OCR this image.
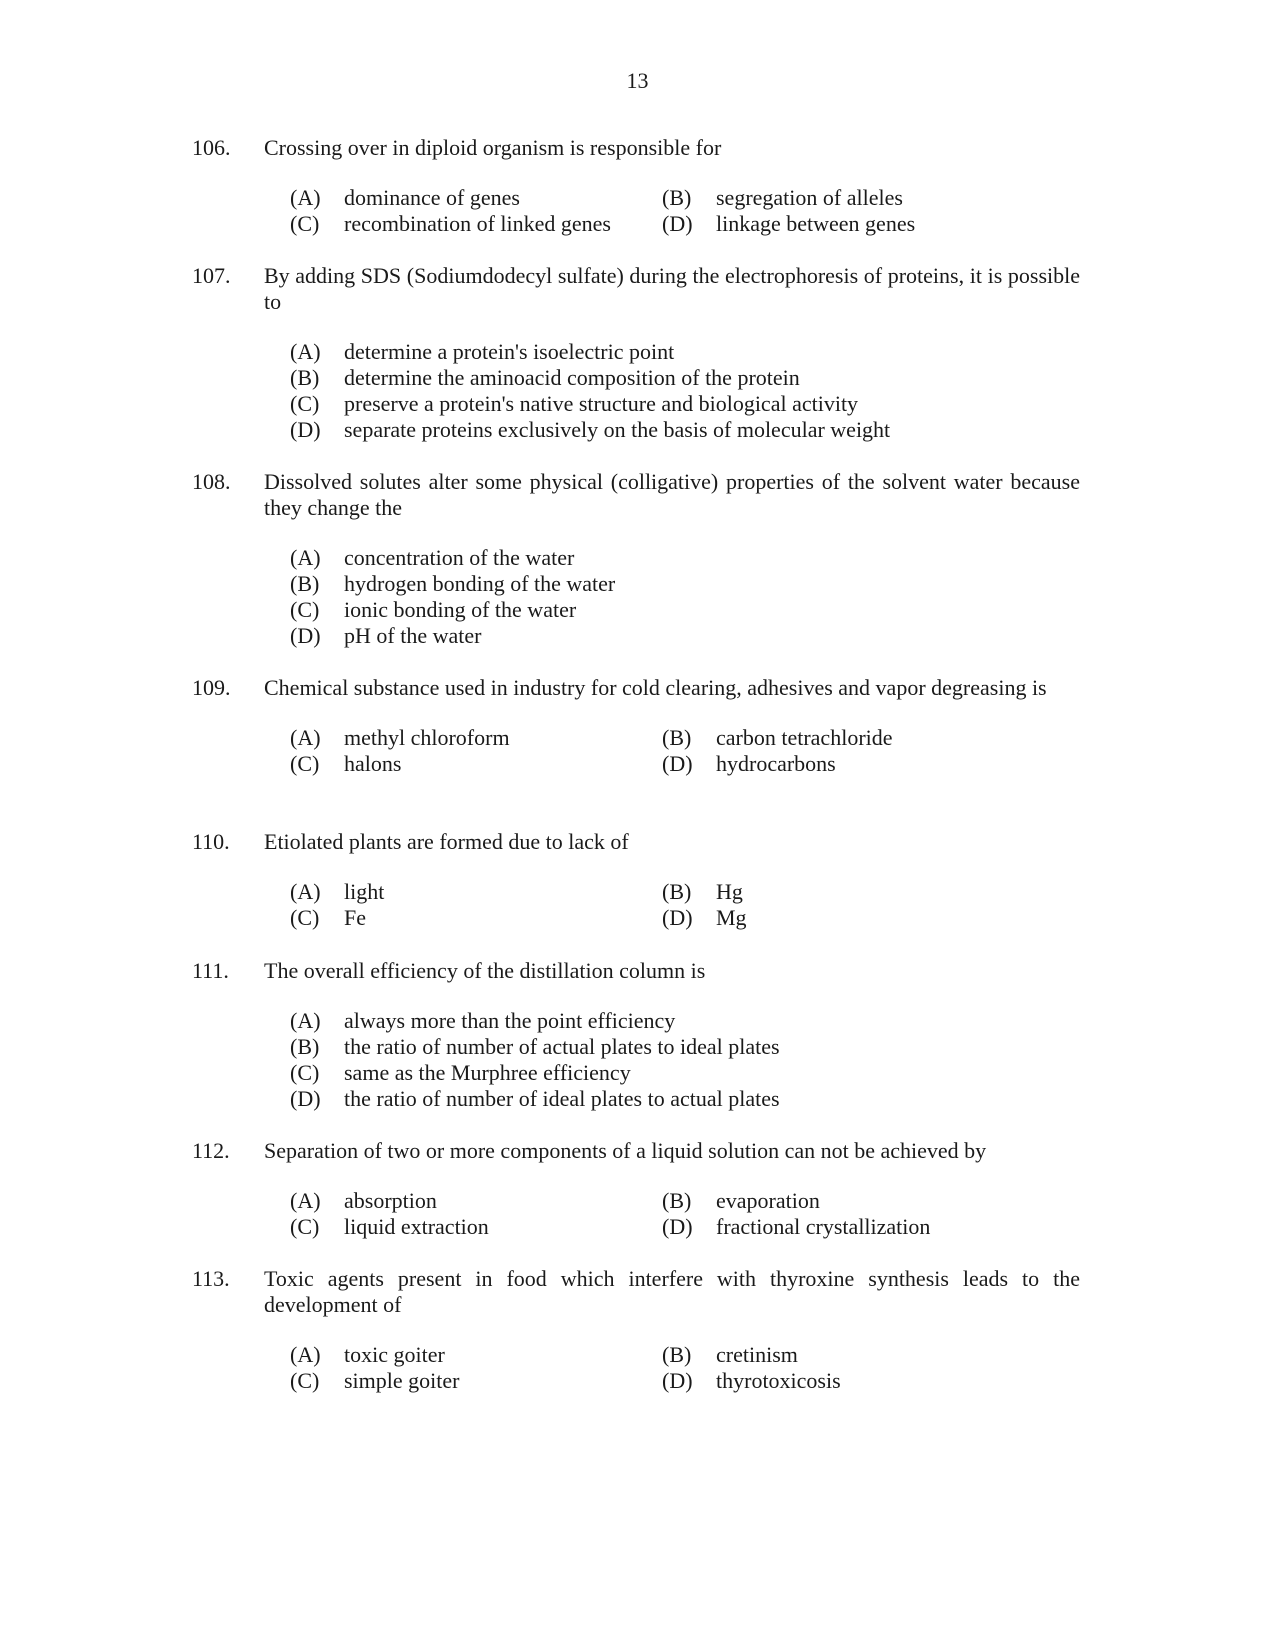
13
106. Crossing over in diploid organism is responsible for
(A)	dominance of genes	(B)	segregation of alleles
(C)	recombination of linked genes (D)	linkage between genes
107. By adding SDS (Sodiumdodecyl sulfate) during the electrophoresis of proteins, it is possible to
(A)	determine a protein's isoelectric point
(B)	determine the aminoacid composition of the protein
(C)	preserve a protein's native structure and biological activity
(D)	separate proteins exclusively on the basis of molecular weight
108. Dissolved solutes alter some physical (colligative) properties of the solvent water because they change the
(A)	concentration of the water
(B)	hydrogen bonding of the water
(C)	ionic bonding of the water
(D)	pH of the water
109. Chemical substance used in industry for cold clearing, adhesives and vapor degreasing is
(A)	methyl chloroform	(B)	carbon tetrachloride
(C)	halons	(D)	hydrocarbons
110. Etiolated plants are formed due to lack of
(A)	light	(B)	Hg
(C)	Fe	(D)	Mg
111. The overall efficiency of the distillation column is
(A)	always more than the point efficiency
(B)	the ratio of number of actual plates to ideal plates
(C)	same as the Murphree efficiency
(D)	the ratio of number of ideal plates to actual plates
112. Separation of two or more components of a liquid solution can not be achieved by
(A)	absorption	(B)	evaporation
(C)	liquid extraction	(D)	fractional crystallization
113. Toxic agents present in food which interfere with thyroxine synthesis leads to the development of
(A)	toxic goiter	(B)	cretinism
(C)	simple goiter	(D)	thyrotoxicosis
